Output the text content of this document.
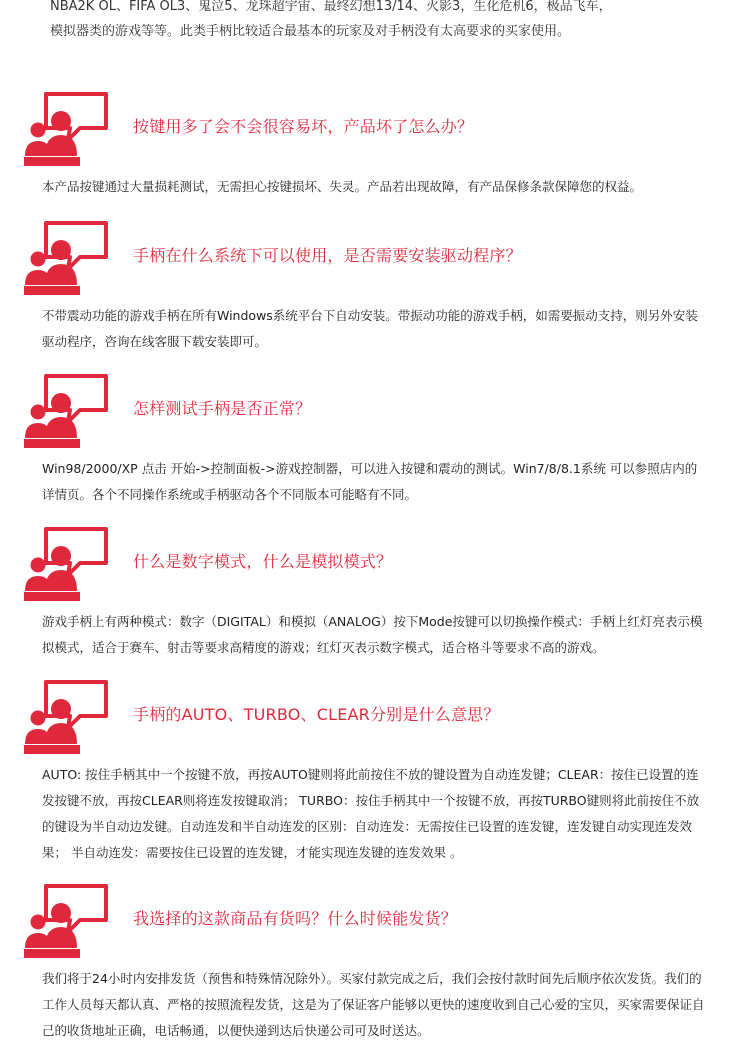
NBA2K OL、FIFA OL3、鬼泣5、龙珠超宇宙、最终幻想13/14、火影3，生化危机6，极品飞车，

模拟器类的游戏等等。此类手柄比较适合最基本的玩家及对手柄没有太高要求的买家使用。

按键用多了会不会很容易坏，产品坏了怎么办？

本产品按键通过大量损耗测试，无需担心按键损坏、失灵。产品若出现故障，有产品保修条款保障您的权益。

手柄在什么系统下可以使用，是否需要安装驱动程序？

不带震动功能的游戏手柄在所有Windows系统平台下自动安装。带振动功能的游戏手柄，如需要振动支持，则另外安装驱动程序，咨询在线客服下载安装即可。

怎样测试手柄是否正常？

Win98/2000/XP 点击 开始->控制面板->游戏控制器，可以进入按键和震动的测试。Win7/8/8.1系统 可以参照店内的详情页。各个不同操作系统或手柄驱动各个不同版本可能略有不同。

什么是数字模式，什么是模拟模式？

游戏手柄上有两种模式：数字（DIGITAL）和模拟（ANALOG）按下Mode按键可以切换操作模式：手柄上红灯亮表示模拟模式，适合于赛车、射击等要求高精度的游戏；红灯灭表示数字模式，适合格斗等要求不高的游戏。

手柄的AUTO、TURBO、CLEAR分别是什么意思？

AUTO: 按住手柄其中一个按键不放，再按AUTO键则将此前按住不放的键设置为自动连发键；CLEAR：按住已设置的连发按键不放，再按CLEAR则将连发按键取消； TURBO：按住手柄其中一个按键不放，再按TURBO键则将此前按住不放的键设为半自动边发键。自动连发和半自动连发的区别：自动连发：无需按住已设置的连发键，连发键自动实现连发效果； 半自动连发：需要按住已设置的连发键，才能实现连发键的连发效果 。

我选择的这款商品有货吗？什么时候能发货？

我们将于24小时内安排发货（预售和特殊情况除外）。买家付款完成之后，我们会按付款时间先后顺序依次发货。我们的工作人员每天都认真、严格的按照流程发货，这是为了保证客户能够以更快的速度收到自己心爱的宝贝，买家需要保证自己的收货地址正确，电话畅通，以便快递到达后快递公司可及时送达。
